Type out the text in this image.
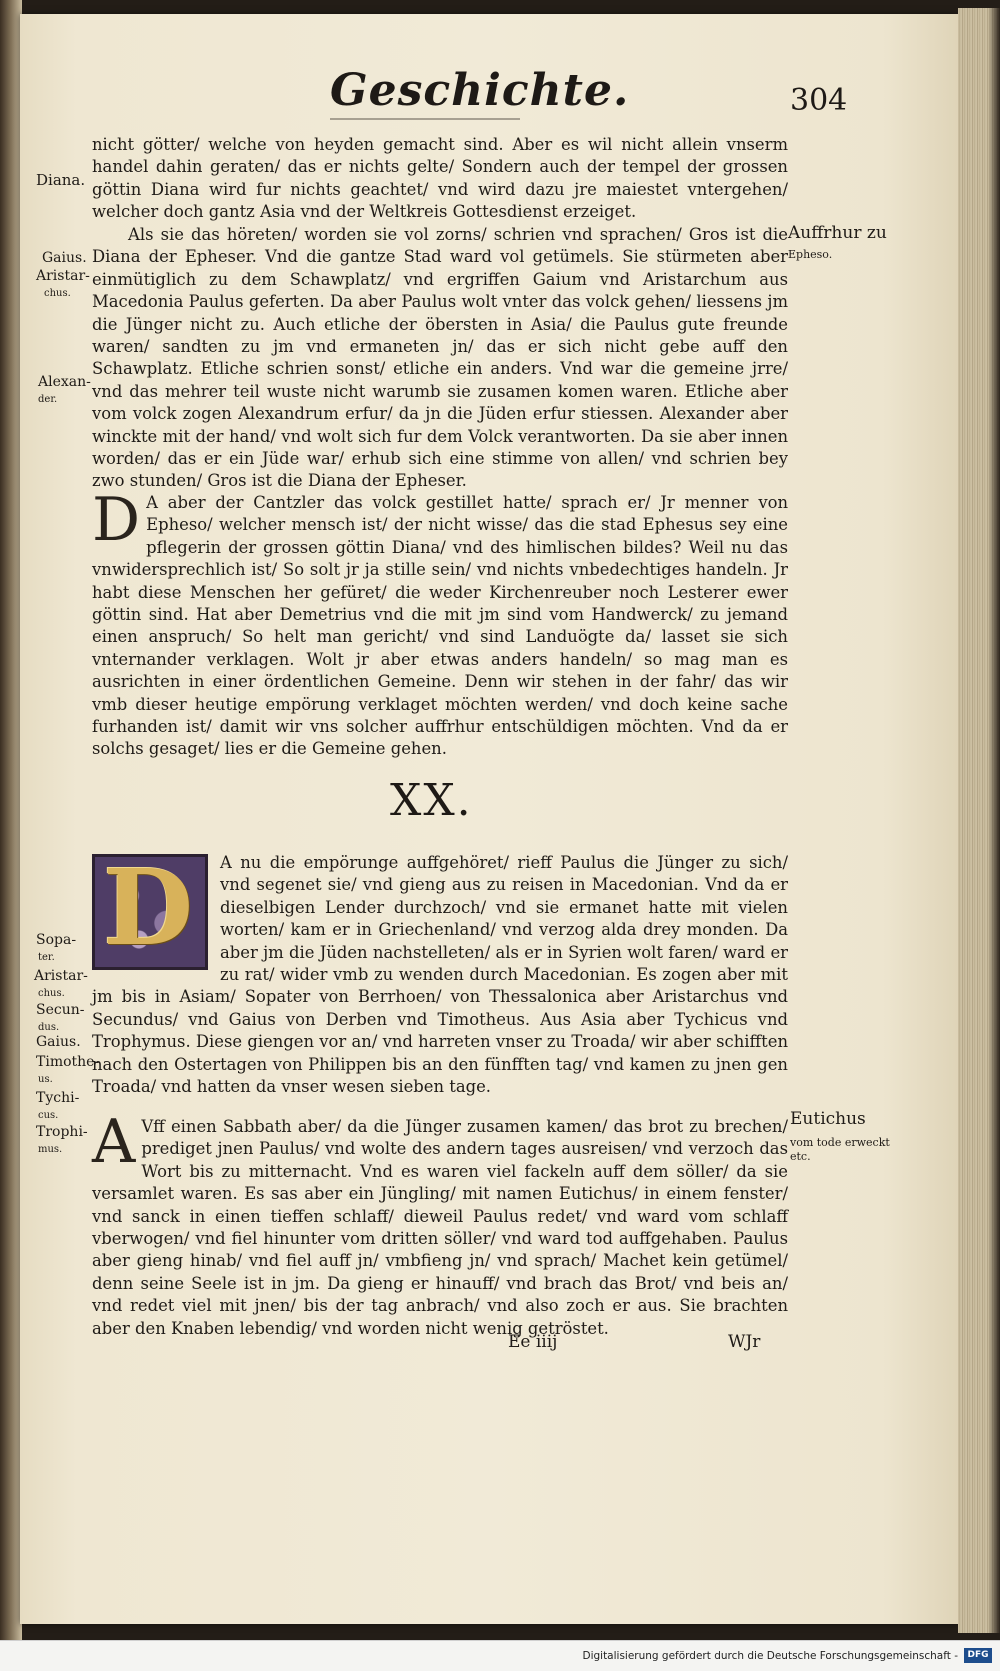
Geschichte.	304

nicht götter/ welche von heyden gemacht sind. Aber es wil nicht allein vnserm handel dahin geraten/ das er nichts gelte/ Sondern auch der tempel der grossen göttin Diana wird fur nichts geachtet/ vnd wird dazu jre maiestet vntergehen/ welcher doch gantz Asia vnd der Weltkreis Gottesdienst erzeiget.

Als sie das höreten/ worden sie vol zorns/ schrien vnd sprachen/ Gros ist die Diana der Epheser. Vnd die gantze Stad ward vol getümels. Sie stürmeten aber einmütiglich zu dem Schawplatz/ vnd ergriffen Gaium vnd Aristarchum aus Macedonia Paulus geferten. Da aber Paulus wolt vnter das volck gehen/ liessens jm die Jünger nicht zu. Auch etliche der öbersten in Asia/ die Paulus gute freunde waren/ sandten zu jm vnd ermaneten jn/ das er sich nicht gebe auff den Schawplatz. Etliche schrien sonst/ etliche ein anders. Vnd war die gemeine jrre/ vnd das mehrer teil wuste nicht warumb sie zusamen komen waren. Etliche aber vom volck zogen Alexandrum erfur/ da jn die Jüden erfur stiessen. Alexander aber winckte mit der hand/ vnd wolt sich fur dem Volck verantworten. Da sie aber innen worden/ das er ein Jüde war/ erhub sich eine stimme von allen/ vnd schrien bey zwo stunden/ Gros ist die Diana der Epheser.

D A aber der Cantzler das volck gestillet hatte/ sprach er/ Jr menner von Epheso/ welcher mensch ist/ der nicht wisse/ das die stad Ephesus sey eine pflegerin der grossen göttin Diana/ vnd des himlischen bildes? Weil nu das vnwidersprechlich ist/ So solt jr ja stille sein/ vnd nichts vnbedechtiges handeln. Jr habt diese Menschen her gefüret/ die weder Kirchenreuber noch Lesterer ewer göttin sind. Hat aber Demetrius vnd die mit jm sind vom Handwerck/ zu jemand einen anspruch/ So helt man gericht/ vnd sind Landuögte da/ lasset sie sich vnternander verklagen. Wolt jr aber etwas anders handeln/ so mag man es ausrichten in einer ördentlichen Gemeine. Denn wir stehen in der fahr/ das wir vmb dieser heutige empörung verklaget möchten werden/ vnd doch keine sache furhanden ist/ damit wir vns solcher auffrhur entschüldigen möchten. Vnd da er solchs gesaget/ lies er die Gemeine gehen.

XX.

D A nu die empörunge auffgehöret/ rieff Paulus die Jünger zu sich/ vnd segenet sie/ vnd gieng aus zu reisen in Macedonian. Vnd da er dieselbigen Lender durchzoch/ vnd sie ermanet hatte mit vielen worten/ kam er in Griechenland/ vnd verzog alda drey monden. Da aber jm die Jüden nachstelleten/ als er in Syrien wolt faren/ ward er zu rat/ wider vmb zu wenden durch Macedonian. Es zogen aber mit jm bis in Asiam/ Sopater von Berrhoen/ von Thessalonica aber Aristarchus vnd Secundus/ vnd Gaius von Derben vnd Timotheus. Aus Asia aber Tychicus vnd Trophymus. Diese giengen vor an/ vnd harreten vnser zu Troada/ wir aber schifften nach den Ostertagen von Philippen bis an den fünfften tag/ vnd kamen zu jnen gen Troada/ vnd hatten da vnser wesen sieben tage.

A Vff einen Sabbath aber/ da die Jünger zusamen kamen/ das brot zu brechen/ prediget jnen Paulus/ vnd wolte des andern tages ausreisen/ vnd verzoch das Wort bis zu mitternacht. Vnd es waren viel fackeln auff dem söller/ da sie versamlet waren. Es sas aber ein Jüngling/ mit namen Eutichus/ in einem fenster/ vnd sanck in einen tieffen schlaff/ dieweil Paulus redet/ vnd ward vom schlaff vberwogen/ vnd fiel hinunter vom dritten söller/ vnd ward tod auffgehaben. Paulus aber gieng hinab/ vnd fiel auff jn/ vmbfieng jn/ vnd sprach/ Machet kein getümel/ denn seine Seele ist in jm. Da gieng er hinauff/ vnd brach das Brot/ vnd beis an/ vnd redet viel mit jnen/ bis der tag anbrach/ vnd also zoch er aus. Sie brachten aber den Knaben lebendig/ vnd worden nicht wenig getröstet.

Ee iiij	WJr
Diana.
Gaius.
Aristar-
chus.
Alexan-
der.
Sopa-
ter.
Aristar-
chus.
Secun-
dus.
Gaius.
Timothe-
us.
Tychi-
cus.
Trophi-
mus.
Auffrhur zu
Epheso.
Eutichus
vom tode erweckt
etc.
Digitalisierung gefördert durch die Deutsche Forschungsgemeinschaft -	DFG
